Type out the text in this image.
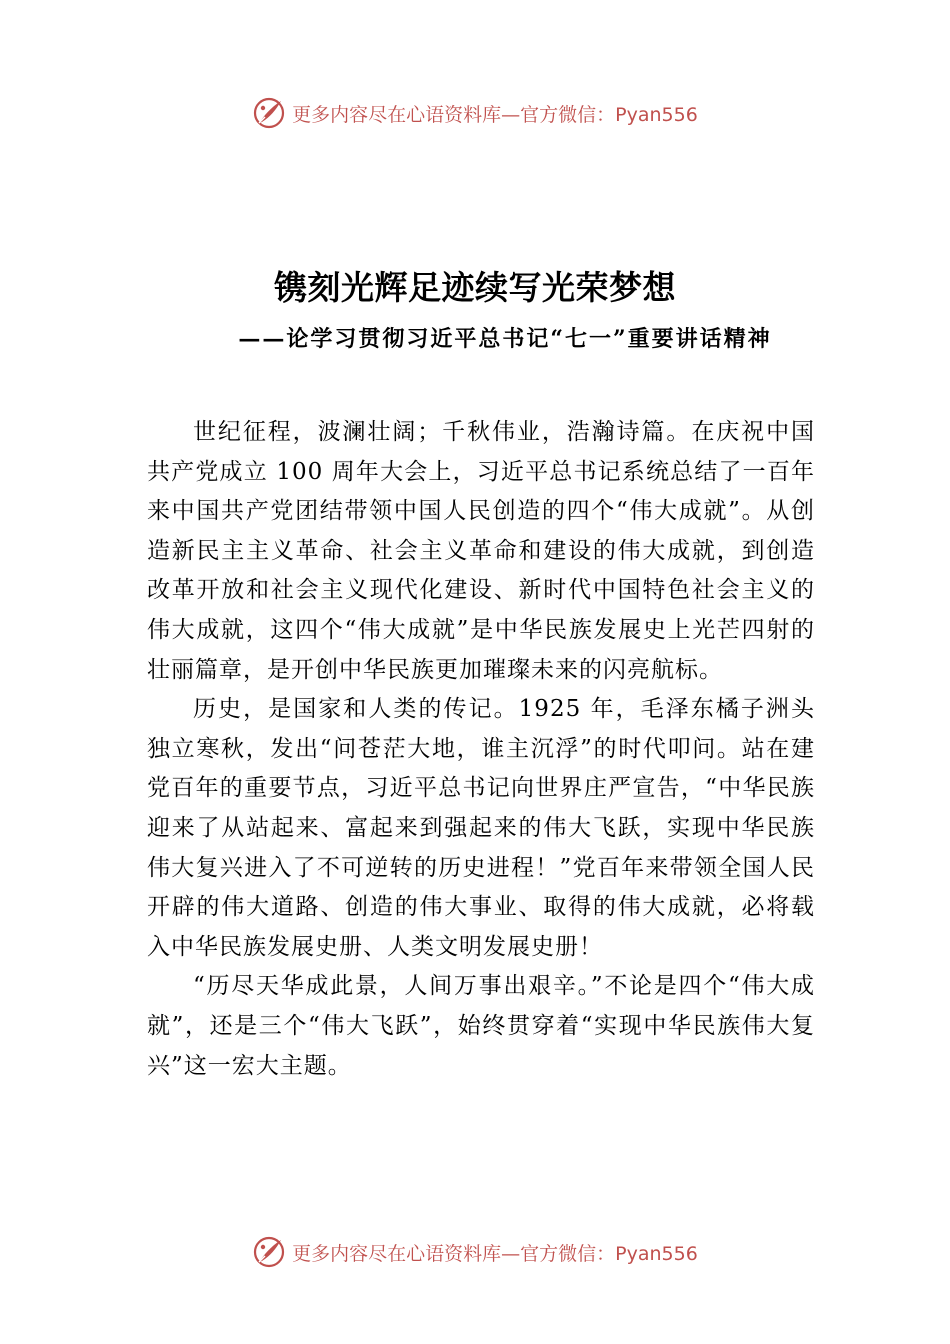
更多内容尽在心语资料库—官方微信：Pyan556
镌刻光辉足迹续写光荣梦想
——论学习贯彻习近平总书记“七一”重要讲话精神

世纪征程，波澜壮阔；千秋伟业，浩瀚诗篇。在庆祝中国共产党成立 100 周年大会上，习近平总书记系统总结了一百年来中国共产党团结带领中国人民创造的四个“伟大成就”。从创造新民主主义革命、社会主义革命和建设的伟大成就，到创造改革开放和社会主义现代化建设、新时代中国特色社会主义的伟大成就，这四个“伟大成就”是中华民族发展史上光芒四射的壮丽篇章，是开创中华民族更加璀璨未来的闪亮航标。

历史，是国家和人类的传记。1925 年，毛泽东橘子洲头独立寒秋，发出“问苍茫大地，谁主沉浮”的时代叩问。站在建党百年的重要节点，习近平总书记向世界庄严宣告，“中华民族迎来了从站起来、富起来到强起来的伟大飞跃，实现中华民族伟大复兴进入了不可逆转的历史进程！”党百年来带领全国人民开辟的伟大道路、创造的伟大事业、取得的伟大成就，必将载入中华民族发展史册、人类文明发展史册！

“历尽天华成此景，人间万事出艰辛。”不论是四个“伟大成就”，还是三个“伟大飞跃”，始终贯穿着“实现中华民族伟大复兴”这一宏大主题。

更多内容尽在心语资料库—官方微信：Pyan556
